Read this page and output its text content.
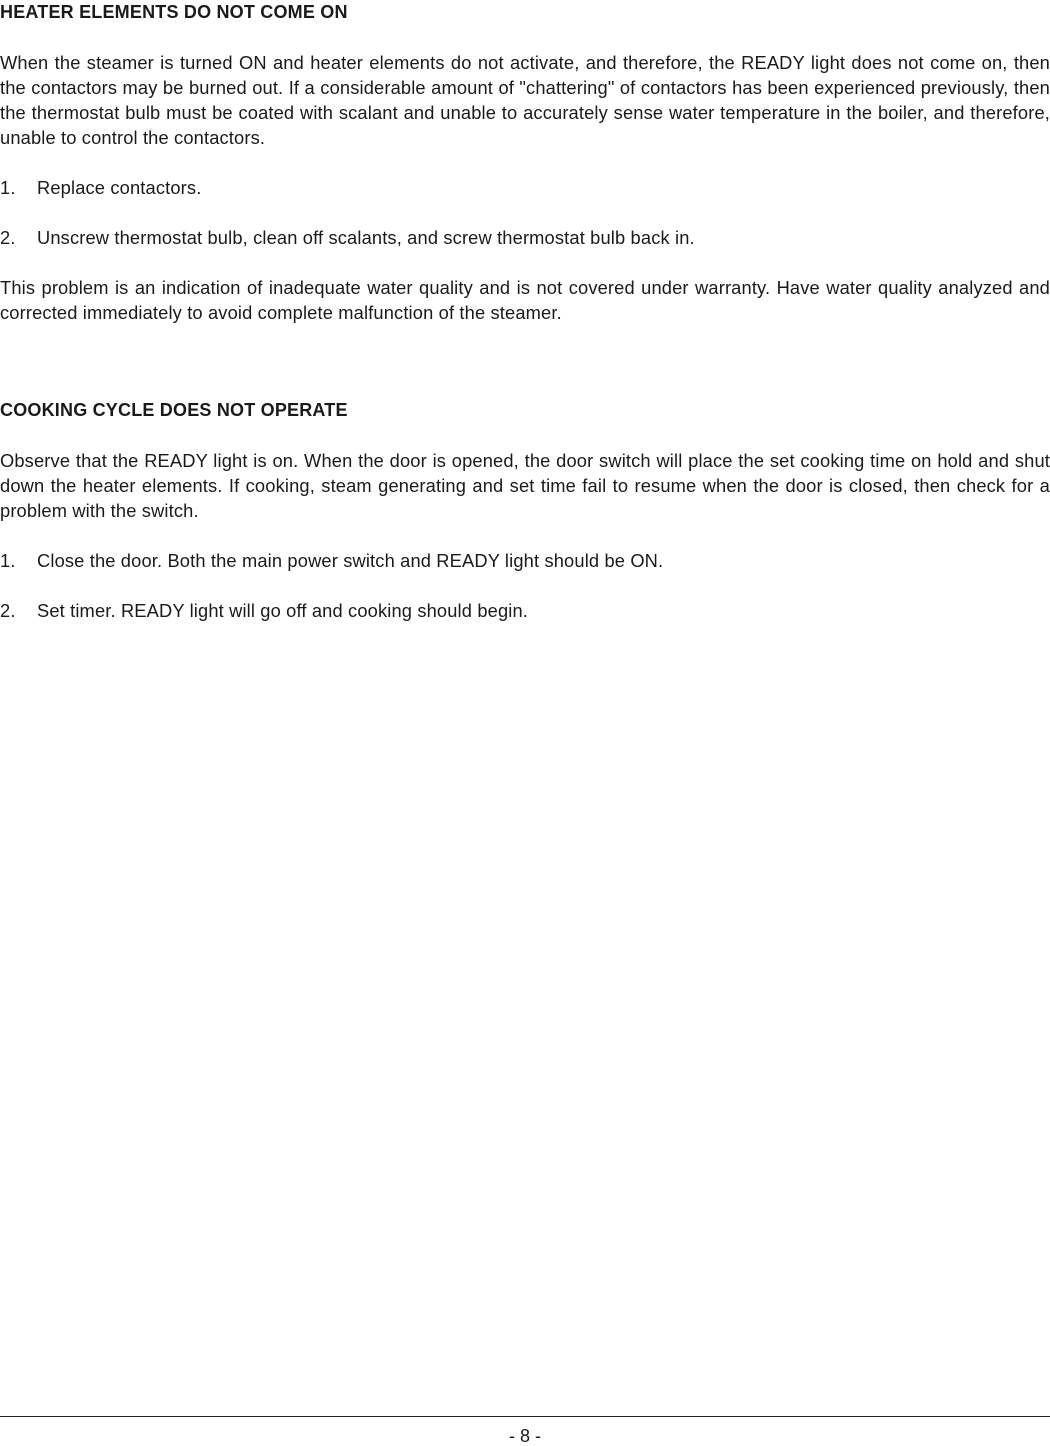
HEATER ELEMENTS DO NOT COME ON

When the steamer is turned ON and heater elements do not activate, and therefore, the READY light does not come on, then the contactors may be burned out. If a considerable amount of "chattering" of contactors has been experienced previously, then the thermostat bulb must be coated with scalant and unable to accurately sense water temperature in the boiler, and therefore, unable to control the contactors.

1.	Replace contactors.
2.	Unscrew thermostat bulb, clean off scalants, and screw thermostat bulb back in.

This problem is an indication of inadequate water quality and is not covered under warranty. Have water quality analyzed and corrected immediately to avoid complete malfunction of the steamer.

COOKING CYCLE DOES NOT OPERATE

Observe that the READY light is on. When the door is opened, the door switch will place the set cooking time on hold and shut down the heater elements. If cooking, steam generating and set time fail to resume when the door is closed, then check for a problem with the switch.

1.	Close the door. Both the main power switch and READY light should be ON.
2.	Set timer. READY light will go off and cooking should begin.
- 8 -
